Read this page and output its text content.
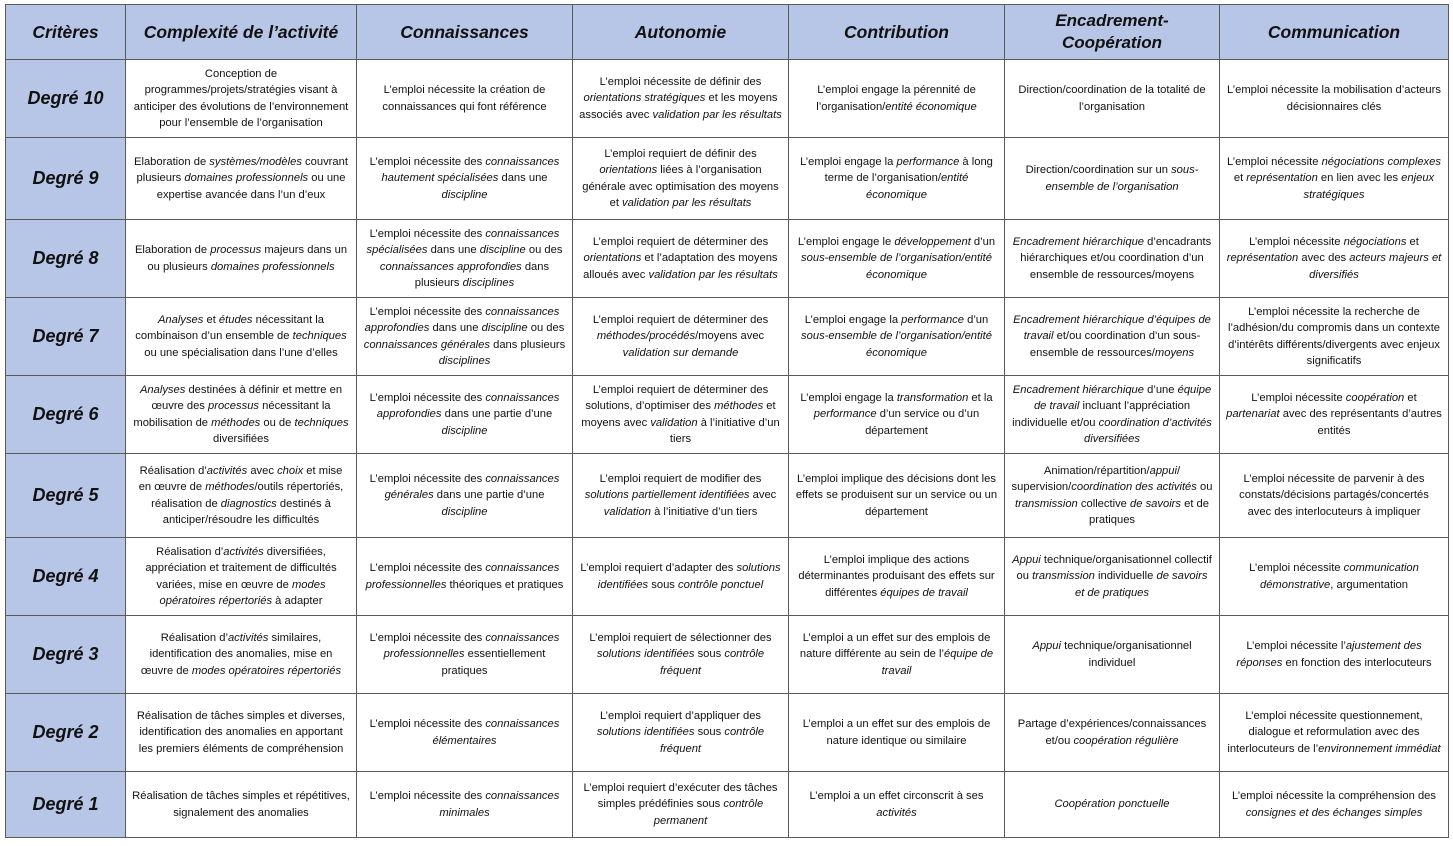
Critères	Complexité de l’activité	Connaissances	Autonomie	Contribution	Encadrement-Coopération	Communication
Degré 10	Conception de programmes/projets/stratégies visant à anticiper des évolutions de l’environnement pour l’ensemble de l’organisation	L’emploi nécessite la création de connaissances qui font référence	L’emploi nécessite de définir des orientations stratégiques et les moyens associés avec validation par les résultats	L’emploi engage la pérennité de l’organisation/entité économique	Direction/coordination de la totalité de l’organisation	L’emploi nécessite la mobilisation d’acteurs décisionnaires clés
Degré 9	Elaboration de systèmes/modèles couvrant plusieurs domaines professionnels ou une expertise avancée dans l’un d’eux	L’emploi nécessite des connaissances hautement spécialisées dans une discipline	L’emploi requiert de définir des orientations liées à l’organisation générale avec optimisation des moyens et validation par les résultats	L’emploi engage la performance à long terme de l’organisation/entité économique	Direction/coordination sur un sous-ensemble de l’organisation	L’emploi nécessite négociations complexes et représentation en lien avec les enjeux stratégiques
Degré 8	Elaboration de processus majeurs dans un ou plusieurs domaines professionnels	L’emploi nécessite des connaissances spécialisées dans une discipline ou des connaissances approfondies dans plusieurs disciplines	L’emploi requiert de déterminer des orientations et l’adaptation des moyens alloués avec validation par les résultats	L’emploi engage le développement d’un sous-ensemble de l’organisation/entité économique	Encadrement hiérarchique d’encadrants hiérarchiques et/ou coordination d’un ensemble de ressources/moyens	L’emploi nécessite négociations et représentation avec des acteurs majeurs et diversifiés
Degré 7	Analyses et études nécessitant la combinaison d’un ensemble de techniques ou une spécialisation dans l’une d’elles	L’emploi nécessite des connaissances approfondies dans une discipline ou des connaissances générales dans plusieurs disciplines	L’emploi requiert de déterminer des méthodes/procédés/moyens avec validation sur demande	L’emploi engage la performance d’un sous-ensemble de l’organisation/entité économique	Encadrement hiérarchique d’équipes de travail et/ou coordination d’un sous-ensemble de ressources/moyens	L’emploi nécessite la recherche de l’adhésion/du compromis dans un contexte d’intérêts différents/divergents avec enjeux significatifs
Degré 6	Analyses destinées à définir et mettre en œuvre des processus nécessitant la mobilisation de méthodes ou de techniques diversifiées	L’emploi nécessite des connaissances approfondies dans une partie d’une discipline	L’emploi requiert de déterminer des solutions, d’optimiser des méthodes et moyens avec validation à l’initiative d’un tiers	L’emploi engage la transformation et la performance d’un service ou d’un département	Encadrement hiérarchique d’une équipe de travail incluant l’appréciation individuelle et/ou coordination d’activités diversifiées	L’emploi nécessite coopération et partenariat avec des représentants d’autres entités
Degré 5	Réalisation d’activités avec choix et mise en œuvre de méthodes/outils répertoriés, réalisation de diagnostics destinés à anticiper/résoudre les difficultés	L’emploi nécessite des connaissances générales dans une partie d’une discipline	L’emploi requiert de modifier des solutions partiellement identifiées avec validation à l’initiative d’un tiers	L’emploi implique des décisions dont les effets se produisent sur un service ou un département	Animation/répartition/appui/ supervision/coordination des activités ou transmission collective de savoirs et de pratiques	L’emploi nécessite de parvenir à des constats/décisions partagés/concertés avec des interlocuteurs à impliquer
Degré 4	Réalisation d’activités diversifiées, appréciation et traitement de difficultés variées, mise en œuvre de modes opératoires répertoriés à adapter	L’emploi nécessite des connaissances professionnelles théoriques et pratiques	L’emploi requiert d’adapter des solutions identifiées sous contrôle ponctuel	L’emploi implique des actions déterminantes produisant des effets sur différentes équipes de travail	Appui technique/organisationnel collectif ou transmission individuelle de savoirs et de pratiques	L’emploi nécessite communication démonstrative, argumentation
Degré 3	Réalisation d’activités similaires, identification des anomalies, mise en œuvre de modes opératoires répertoriés	L’emploi nécessite des connaissances professionnelles essentiellement pratiques	L’emploi requiert de sélectionner des solutions identifiées sous contrôle fréquent	L’emploi a un effet sur des emplois de nature différente au sein de l’équipe de travail	Appui technique/organisationnel individuel	L’emploi nécessite l’ajustement des réponses en fonction des interlocuteurs
Degré 2	Réalisation de tâches simples et diverses, identification des anomalies en apportant les premiers éléments de compréhension	L’emploi nécessite des connaissances élémentaires	L’emploi requiert d’appliquer des solutions identifiées sous contrôle fréquent	L’emploi a un effet sur des emplois de nature identique ou similaire	Partage d’expériences/connaissances et/ou coopération régulière	L’emploi nécessite questionnement, dialogue et reformulation avec des interlocuteurs de l’environnement immédiat
Degré 1	Réalisation de tâches simples et répétitives, signalement des anomalies	L’emploi nécessite des connaissances minimales	L’emploi requiert d’exécuter des tâches simples prédéfinies sous contrôle permanent	L’emploi a un effet circonscrit à ses activités	Coopération ponctuelle	L’emploi nécessite la compréhension des consignes et des échanges simples
